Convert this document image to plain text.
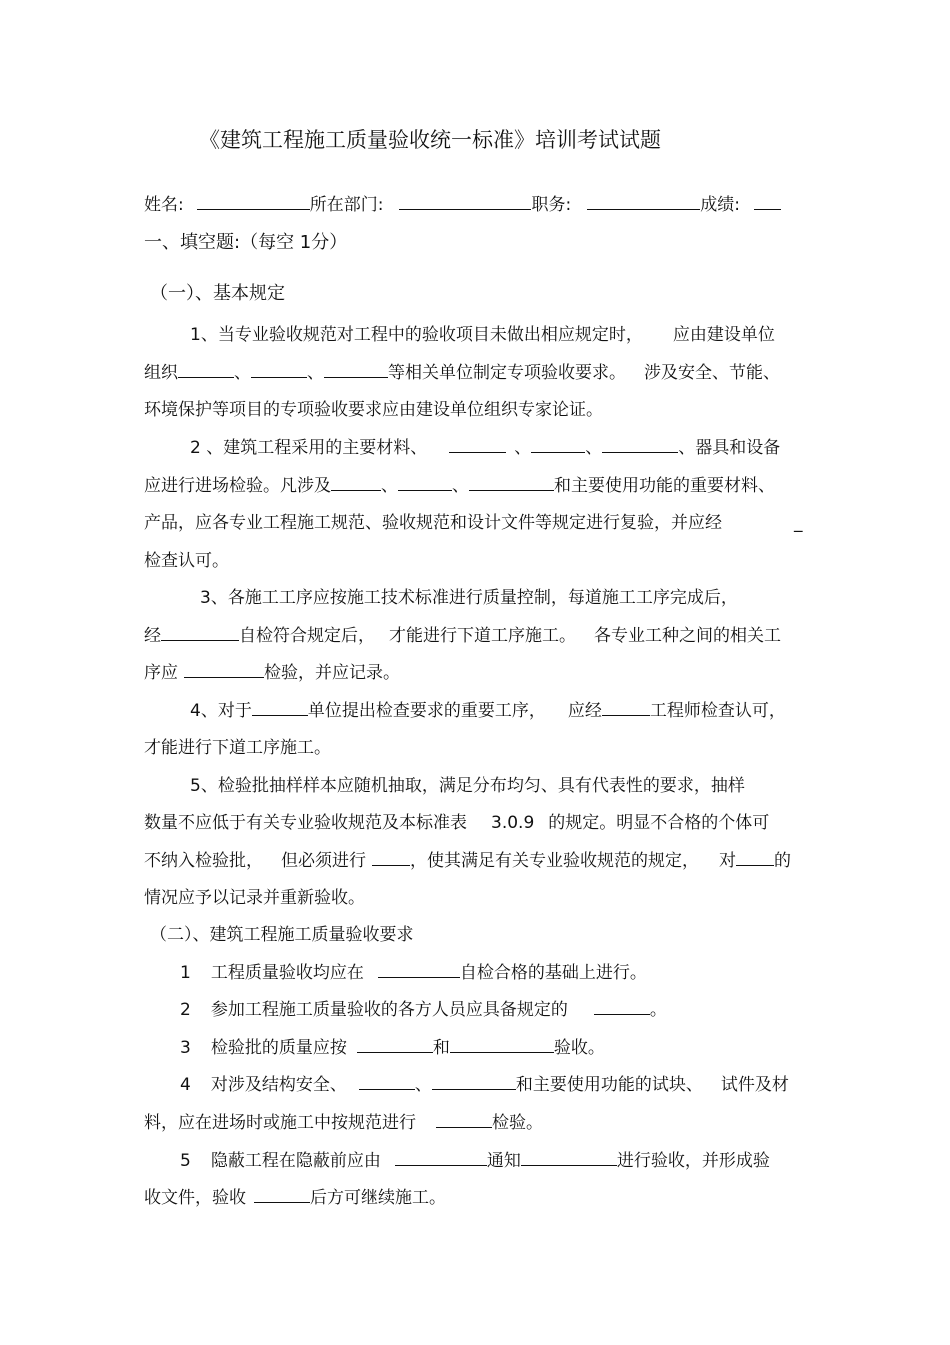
《建筑工程施工质量验收统一标准》培训考试试题
姓名:	所在部门:	职务:	成绩:
一、填空题:（每空 1分）
（一）、基本规定
1、当专业验收规范对工程中的验收项目未做出相应规定时， 应由建设单位
组织	、	、	等相关单位制定专项验收要求。 涉及安全、节能、
环境保护等项目的专项验收要求应由建设单位组织专家论证。
2 、建筑工程采用的主要材料、	、	、	、器具和设备
应进行进场检验。凡涉及	、	、	和主要使用功能的重要材料、
产品，应各专业工程施工规范、验收规范和设计文件等规定进行复验，并应经	_
检查认可。
3、各施工工序应按施工技术标准进行质量控制，每道施工工序完成后，
经	自检符合规定后， 才能进行下道工序施工。 各专业工种之间的相关工
序应	检验，并应记录。
4、对于	单位提出检查要求的重要工序， 应经	工程师检查认可，
才能进行下道工序施工。
5、检验批抽样样本应随机抽取，满足分布均匀、具有代表性的要求，抽样
数量不应低于有关专业验收规范及本标准表 3.0.9 的规定。明显不合格的个体可
不纳入检验批， 但必须进行	，使其满足有关专业验收规范的规定， 对 的
情况应予以记录并重新验收。
（二）、建筑工程施工质量验收要求
1 工程质量验收均应在	自检合格的基础上进行。
2 参加工程施工质量验收的各方人员应具备规定的	。
3 检验批的质量应按	和	验收。
4 对涉及结构安全、	、	和主要使用功能的试块、 试件及材
料，应在进场时或施工中按规范进行	检验。
5 隐蔽工程在隐蔽前应由	通知	进行验收，并形成验
收文件，验收	后方可继续施工。
